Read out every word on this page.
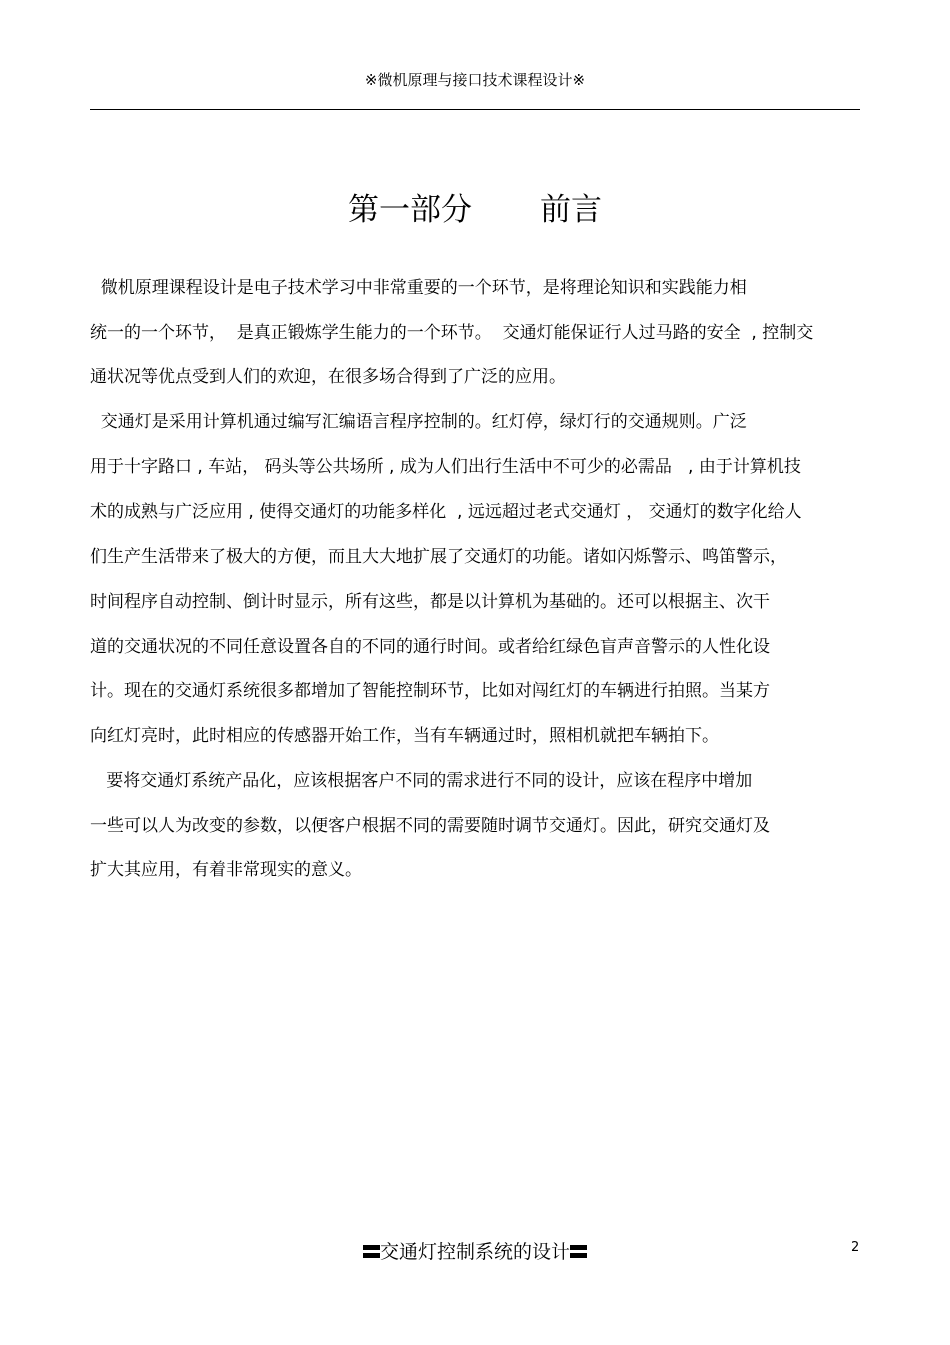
※微机原理与接口技术课程设计※
第一部分 前言
微机原理课程设计是电子技术学习中非常重要的一个环节，是将理论知识和实践能力相
统一的一个环节，  是真正锻炼学生能力的一个环节。  交通灯能保证行人过马路的安全  , 控制交
通状况等优点受到人们的欢迎，在很多场合得到了广泛的应用。
交通灯是采用计算机通过编写汇编语言程序控制的。红灯停，绿灯行的交通规则。广泛
用于十字路口 , 车站， 码头等公共场所 , 成为人们出行生活中不可少的必需品   , 由于计算机技
术的成熟与广泛应用 , 使得交通灯的功能多样化  , 远远超过老式交通灯 ， 交通灯的数字化给人
们生产生活带来了极大的方便，而且大大地扩展了交通灯的功能。诸如闪烁警示、鸣笛警示，
时间程序自动控制、倒计时显示，所有这些，都是以计算机为基础的。还可以根据主、次干
道的交通状况的不同任意设置各自的不同的通行时间。或者给红绿色盲声音警示的人性化设
计。现在的交通灯系统很多都增加了智能控制环节，比如对闯红灯的车辆进行拍照。当某方
向红灯亮时，此时相应的传感器开始工作，当有车辆通过时，照相机就把车辆拍下。
要将交通灯系统产品化，应该根据客户不同的需求进行不同的设计，应该在程序中增加
一些可以人为改变的参数，以便客户根据不同的需要随时调节交通灯。因此，研究交通灯及
扩大其应用，有着非常现实的意义。
交通灯控制系统的设计	2
